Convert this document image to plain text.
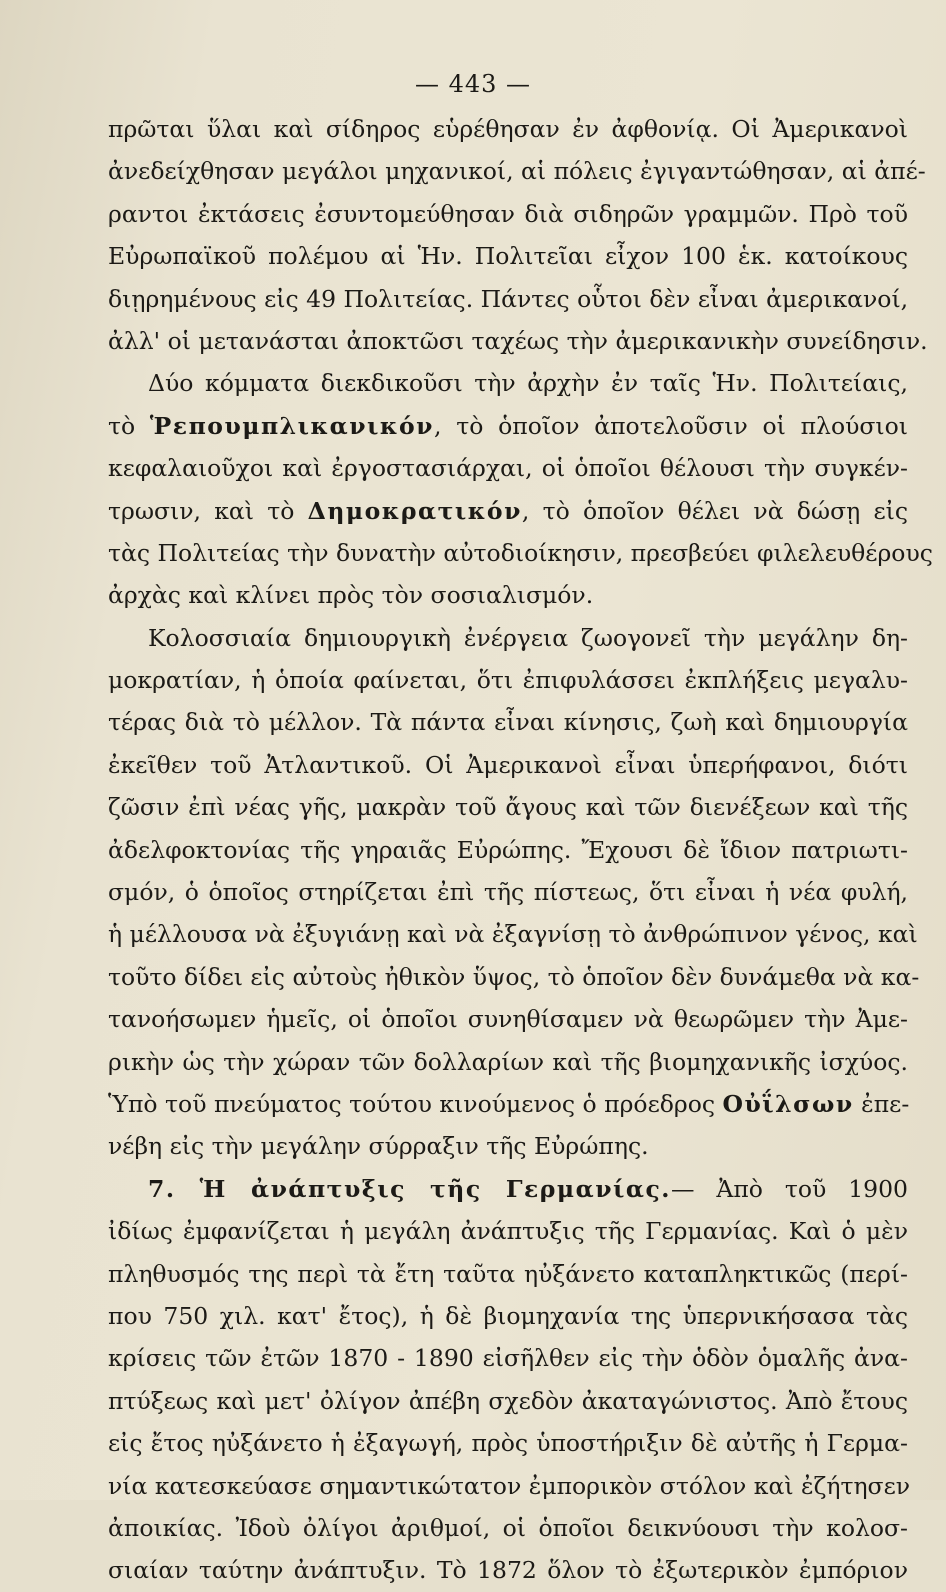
— 443 —
πρῶται ὕλαι καὶ σίδηρος εὑρέθησαν ἐν ἀφθονίᾳ. Οἱ Ἀμερικανοὶ
ἀνεδείχθησαν μεγάλοι μηχανικοί, αἱ πόλεις ἐγιγαντώθησαν, αἱ ἀπέ-
ραντοι ἐκτάσεις ἐσυντομεύθησαν διὰ σιδηρῶν γραμμῶν. Πρὸ τοῦ
Εὐρωπαϊκοῦ πολέμου αἱ Ἡν. Πολιτεῖαι εἶχον 100 ἑκ. κατοίκους
διῃρημένους εἰς 49 Πολιτείας. Πάντες οὗτοι δὲν εἶναι ἀμερικανοί,
ἀλλ' οἱ μετανάσται ἀποκτῶσι ταχέως τὴν ἀμερικανικὴν συνείδησιν.
Δύο κόμματα διεκδικοῦσι τὴν ἀρχὴν ἐν ταῖς Ἡν. Πολιτείαις,
τὸ Ῥεπουμπλικανικόν, τὸ ὁποῖον ἀποτελοῦσιν οἱ πλούσιοι
κεφαλαιοῦχοι καὶ ἐργοστασιάρχαι, οἱ ὁποῖοι θέλουσι τὴν συγκέν-
τρωσιν, καὶ τὸ Δημοκρατικόν, τὸ ὁποῖον θέλει νὰ δώσῃ εἰς
τὰς Πολιτείας τὴν δυνατὴν αὐτοδιοίκησιν, πρεσβεύει φιλελευθέρους
ἀρχὰς καὶ κλίνει πρὸς τὸν σοσιαλισμόν.
Κολοσσιαία δημιουργικὴ ἐνέργεια ζωογονεῖ τὴν μεγάλην δη-
μοκρατίαν, ἡ ὁποία φαίνεται, ὅτι ἐπιφυλάσσει ἐκπλήξεις μεγαλυ-
τέρας διὰ τὸ μέλλον. Τὰ πάντα εἶναι κίνησις, ζωὴ καὶ δημιουργία
ἐκεῖθεν τοῦ Ἀτλαντικοῦ. Οἱ Ἀμερικανοὶ εἶναι ὑπερήφανοι, διότι
ζῶσιν ἐπὶ νέας γῆς, μακρὰν τοῦ ἄγους καὶ τῶν διενέξεων καὶ τῆς
ἀδελφοκτονίας τῆς γηραιᾶς Εὐρώπης. Ἔχουσι δὲ ἴδιον πατριωτι-
σμόν, ὁ ὁποῖος στηρίζεται ἐπὶ τῆς πίστεως, ὅτι εἶναι ἡ νέα φυλή,
ἡ μέλλουσα νὰ ἐξυγιάνῃ καὶ νὰ ἐξαγνίσῃ τὸ ἀνθρώπινον γένος, καὶ
τοῦτο δίδει εἰς αὐτοὺς ἠθικὸν ὕψος, τὸ ὁποῖον δὲν δυνάμεθα νὰ κα-
τανοήσωμεν ἡμεῖς, οἱ ὁποῖοι συνηθίσαμεν νὰ θεωρῶμεν τὴν Ἀμε-
ρικὴν ὡς τὴν χώραν τῶν δολλαρίων καὶ τῆς βιομηχανικῆς ἰσχύος.
Ὑπὸ τοῦ πνεύματος τούτου κινούμενος ὁ πρόεδρος Οὐΐλσων ἐπε-
νέβη εἰς τὴν μεγάλην σύρραξιν τῆς Εὐρώπης.
7. Ἡ ἀνάπτυξις τῆς Γερμανίας.— Ἀπὸ τοῦ 1900
ἰδίως ἐμφανίζεται ἡ μεγάλη ἀνάπτυξις τῆς Γερμανίας. Καὶ ὁ μὲν
πληθυσμός της περὶ τὰ ἔτη ταῦτα ηὐξάνετο καταπληκτικῶς (περί-
που 750 χιλ. κατ' ἔτος), ἡ δὲ βιομηχανία της ὑπερνικήσασα τὰς
κρίσεις τῶν ἐτῶν 1870 - 1890 εἰσῆλθεν εἰς τὴν ὁδὸν ὁμαλῆς ἀνα-
πτύξεως καὶ μετ' ὀλίγον ἀπέβη σχεδὸν ἀκαταγώνιστος. Ἀπὸ ἔτους
εἰς ἔτος ηὐξάνετο ἡ ἐξαγωγή, πρὸς ὑποστήριξιν δὲ αὐτῆς ἡ Γερμα-
νία κατεσκεύασε σημαντικώτατον ἐμπορικὸν στόλον καὶ ἐζήτησεν
ἀποικίας. Ἰδοὺ ὀλίγοι ἀριθμοί, οἱ ὁποῖοι δεικνύουσι τὴν κολοσ-
σιαίαν ταύτην ἀνάπτυξιν. Τὸ 1872 ὅλον τὸ ἐξωτερικὸν ἐμπόριον
